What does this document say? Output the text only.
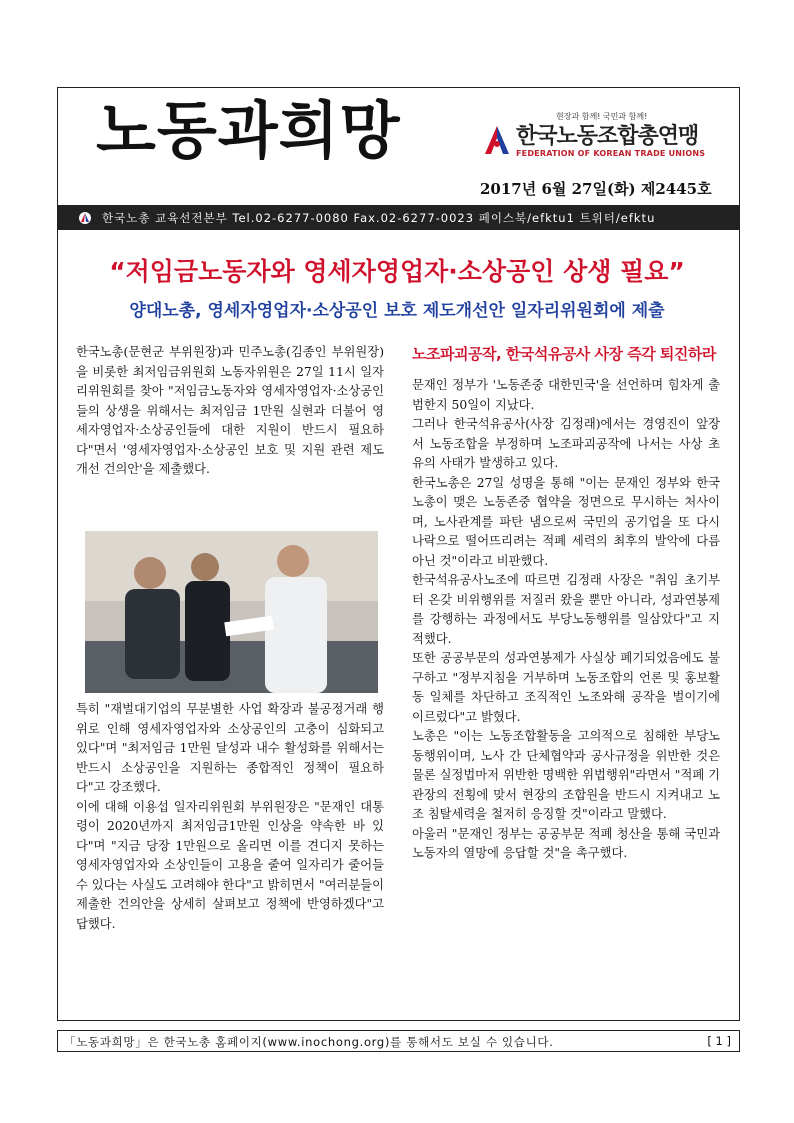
노동과희망	현장과 함께! 국민과 함께!
한국노동조합총연맹
FEDERATION OF KOREAN TRADE UNIONS
2017년 6월 27일(화) 제2445호
한국노총 교육선전본부 Tel.02-6277-0080 Fax.02-6277-0023 페이스북/efktu1 트위터/efktu
“저임금노동자와 영세자영업자·소상공인 상생 필요”
양대노총, 영세자영업자·소상공인 보호 제도개선안 일자리위원회에 제출

한국노총(문현군 부위원장)과 민주노총(김종인 부위원장)을 비롯한 최저임금위원회 노동자위원은 27일 11시 일자리위원회를 찾아 "저임금노동자와 영세자영업자·소상공인들의 상생을 위해서는 최저임금 1만원 실현과 더불어 영세자영업자·소상공인들에 대한 지원이 반드시 필요하다"면서 '영세자영업자·소상공인 보호 및 지원 관련 제도개선 건의안'을 제출했다.

특히 "재벌대기업의 무분별한 사업 확장과 불공정거래 행위로 인해 영세자영업자와 소상공인의 고충이 심화되고 있다"며 "최저임금 1만원 달성과 내수 활성화를 위해서는 반드시 소상공인을 지원하는 종합적인 정책이 필요하다"고 강조했다.

이에 대해 이용섭 일자리위원회 부위원장은 "문재인 대통령이 2020년까지 최저임금1만원 인상을 약속한 바 있다"며 "지금 당장 1만원으로 올리면 이를 견디지 못하는 영세자영업자와 소상인들이 고용을 줄여 일자리가 줄어들 수 있다는 사실도 고려해야 한다"고 밝히면서 "여러분들이 제출한 건의안을 상세히 살펴보고 정책에 반영하겠다"고 답했다.

노조파괴공작, 한국석유공사 사장 즉각 퇴진하라

문재인 정부가 '노동존중 대한민국'을 선언하며 힘차게 출범한지 50일이 지났다.

그러나 한국석유공사(사장 김정래)에서는 경영진이 앞장서 노동조합을 부정하며 노조파괴공작에 나서는 사상 초유의 사태가 발생하고 있다.

한국노총은 27일 성명을 통해 "이는 문재인 정부와 한국노총이 맺은 노동존중 협약을 정면으로 무시하는 처사이며, 노사관계를 파탄 냄으로써 국민의 공기업을 또 다시 나락으로 떨어뜨리려는 적폐 세력의 최후의 발악에 다름 아닌 것"이라고 비판했다.

한국석유공사노조에 따르면 김정래 사장은 "취임 초기부터 온갖 비위행위를 저질러 왔을 뿐만 아니라, 성과연봉제를 강행하는 과정에서도 부당노동행위를 일삼았다"고 지적했다.

또한 공공부문의 성과연봉제가 사실상 폐기되었음에도 불구하고 "정부지침을 거부하며 노동조합의 언론 및 홍보활동 일체를 차단하고 조직적인 노조와해 공작을 벌이기에 이르렀다"고 밝혔다.

노총은 "이는 노동조합활동을 고의적으로 침해한 부당노동행위이며, 노사 간 단체협약과 공사규정을 위반한 것은 물론 실정법마저 위반한 명백한 위법행위"라면서 "적폐 기관장의 전횡에 맞서 현장의 조합원을 반드시 지켜내고 노조 침탈세력을 철저히 응징할 것"이라고 말했다.

아울러 "문재인 정부는 공공부문 적폐 청산을 통해 국민과 노동자의 열망에 응답할 것"을 촉구했다.

「노동과희망」은 한국노총 홈페이지(www.inochong.org)를 통해서도 보실 수 있습니다.	[ 1 ]
